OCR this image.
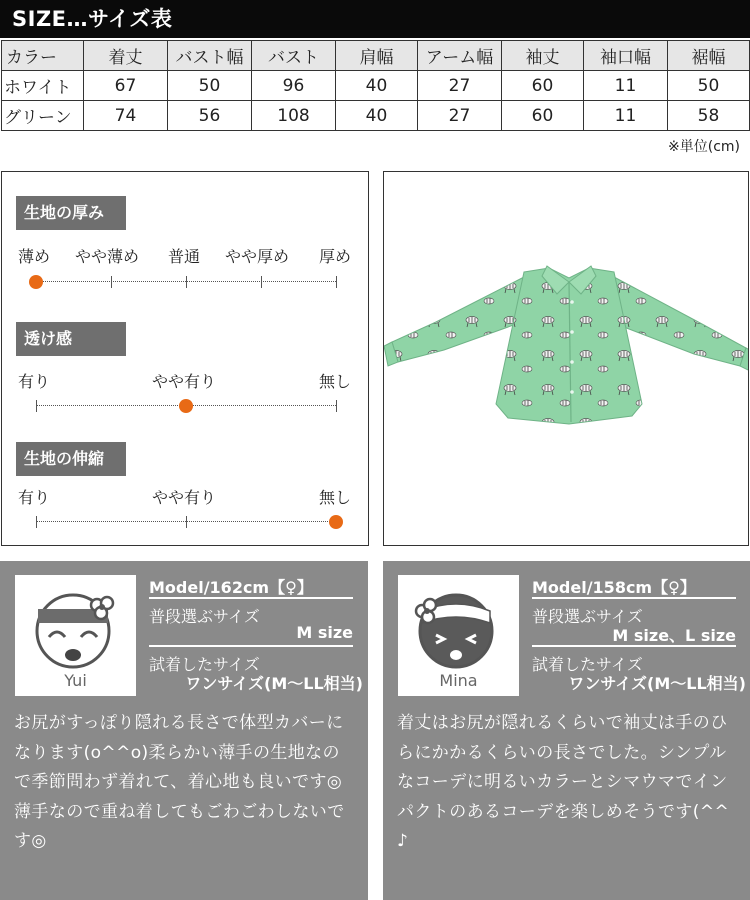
SIZE…サイズ表
カラー	着丈	バスト幅	バスト	肩幅	アーム幅	袖丈	袖口幅	裾幅
ホワイト	67	50	96	40	27	60	11	50
グリーン	74	56	108	40	27	60	11	58
※単位(cm)
生地の厚み
薄め やや薄め 普通 やや厚め 厚め
透け感
有り	やや有り	無し
生地の伸縮
有り	やや有り	無し
Yui
Model/162cm【♀】
普段選ぶサイズ
M size
試着したサイズ
ワンサイズ(M〜LL相当)
お尻がすっぽり隠れる長さで体型カバーになります(o^^o)柔らかい薄手の生地なので季節問わず着れて、着心地も良いです◎薄手なので重ね着してもごわごわしないです◎
Mina
Model/158cm【♀】
普段選ぶサイズ
M size、L size
試着したサイズ
ワンサイズ(M〜LL相当)
着丈はお尻が隠れるくらいで袖丈は手のひらにかかるくらいの長さでした。シンプルなコーデに明るいカラーとシマウマでインパクトのあるコーデを楽しめそうです(^^♪
